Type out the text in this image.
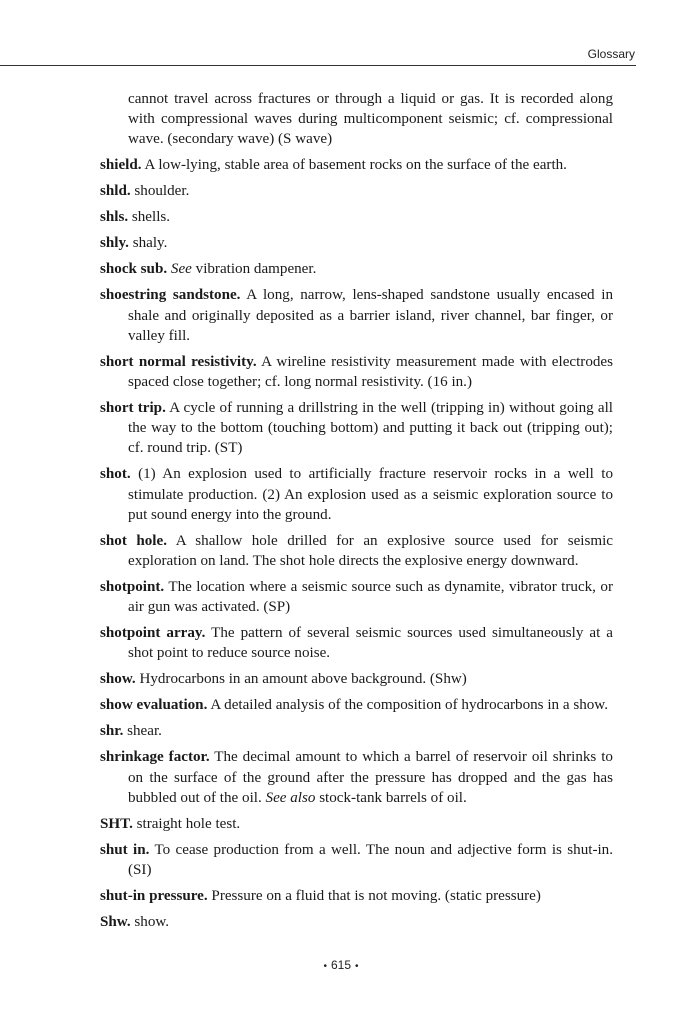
Glossary

cannot travel across fractures or through a liquid or gas. It is recorded along with compressional waves during multicomponent seismic; cf. compressional wave. (secondary wave) (S wave)

shield. A low-lying, stable area of basement rocks on the surface of the earth.

shld. shoulder.

shls. shells.

shly. shaly.

shock sub. See vibration dampener.

shoestring sandstone. A long, narrow, lens-shaped sandstone usually encased in shale and originally deposited as a barrier island, river channel, bar finger, or valley fill.

short normal resistivity. A wireline resistivity measurement made with electrodes spaced close together; cf. long normal resistivity. (16 in.)

short trip. A cycle of running a drillstring in the well (tripping in) without going all the way to the bottom (touching bottom) and putting it back out (tripping out); cf. round trip. (ST)

shot. (1) An explosion used to artificially fracture reservoir rocks in a well to stimulate production. (2) An explosion used as a seismic exploration source to put sound energy into the ground.

shot hole. A shallow hole drilled for an explosive source used for seismic exploration on land. The shot hole directs the explosive energy downward.

shotpoint. The location where a seismic source such as dynamite, vibrator truck, or air gun was activated. (SP)

shotpoint array. The pattern of several seismic sources used simultaneously at a shot point to reduce source noise.

show. Hydrocarbons in an amount above background. (Shw)

show evaluation. A detailed analysis of the composition of hydrocarbons in a show.

shr. shear.

shrinkage factor. The decimal amount to which a barrel of reservoir oil shrinks to on the surface of the ground after the pressure has dropped and the gas has bubbled out of the oil. See also stock-tank barrels of oil.

SHT. straight hole test.

shut in. To cease production from a well. The noun and adjective form is shut-in. (SI)

shut-in pressure. Pressure on a fluid that is not moving. (static pressure)

Shw. show.

• 615 •
